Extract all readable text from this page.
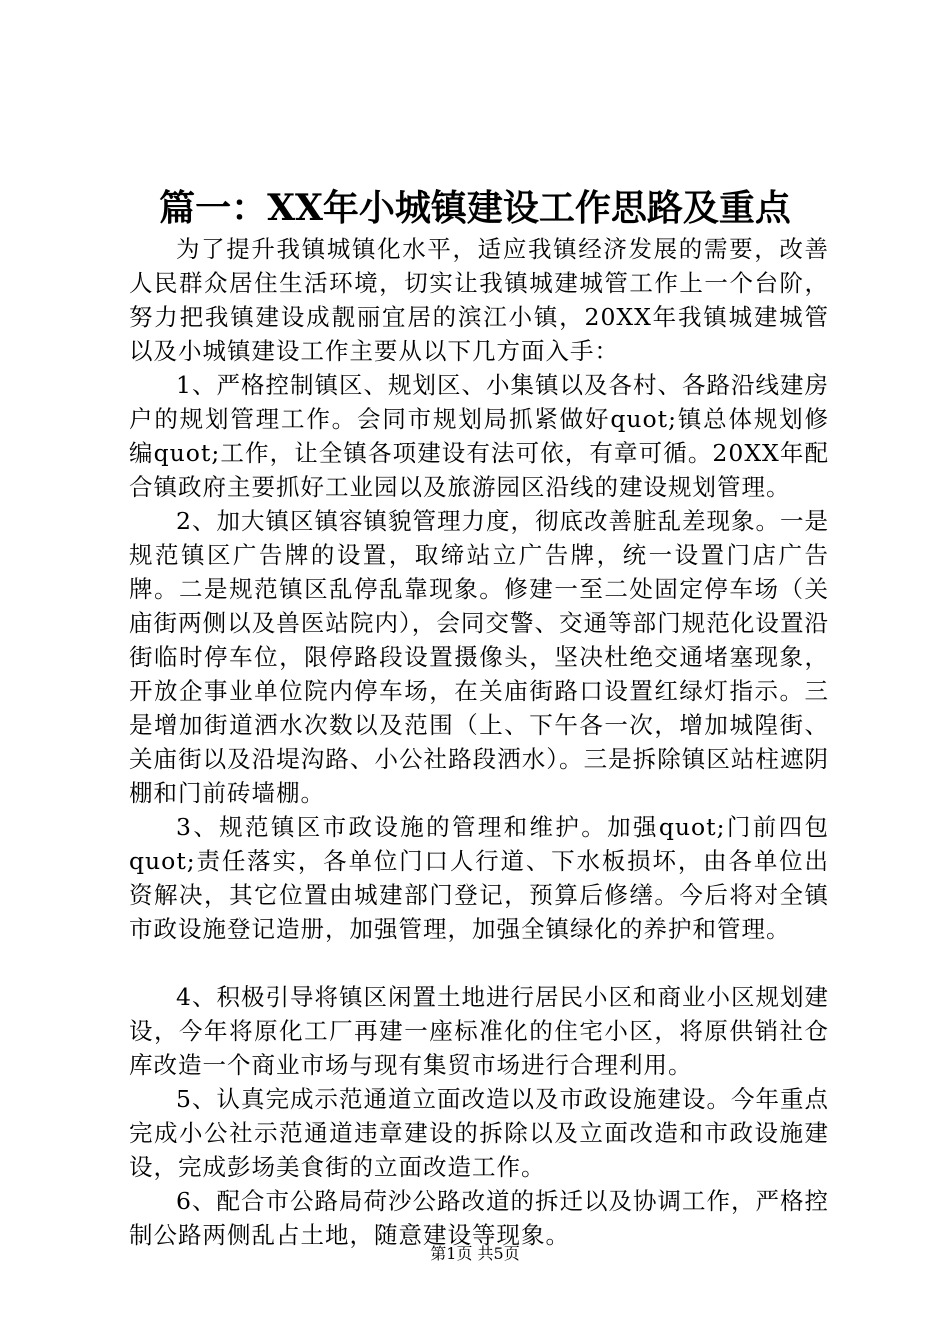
篇一：XX年小城镇建设工作思路及重点

为了提升我镇城镇化水平，适应我镇经济发展的需要，改善人民群众居住生活环境，切实让我镇城建城管工作上一个台阶，努力把我镇建设成靓丽宜居的滨江小镇，20XX年我镇城建城管以及小城镇建设工作主要从以下几方面入手：

1、严格控制镇区、规划区、小集镇以及各村、各路沿线建房户的规划管理工作。会同市规划局抓紧做好quot;镇总体规划修编quot;工作，让全镇各项建设有法可依，有章可循。20XX年配合镇政府主要抓好工业园以及旅游园区沿线的建设规划管理。

2、加大镇区镇容镇貌管理力度，彻底改善脏乱差现象。一是规范镇区广告牌的设置，取缔站立广告牌，统一设置门店广告牌。二是规范镇区乱停乱靠现象。修建一至二处固定停车场（关庙街两侧以及兽医站院内），会同交警、交通等部门规范化设置沿街临时停车位，限停路段设置摄像头，坚决杜绝交通堵塞现象，开放企事业单位院内停车场，在关庙街路口设置红绿灯指示。三是增加街道洒水次数以及范围（上、下午各一次，增加城隍街、关庙街以及沿堤沟路、小公社路段洒水）。三是拆除镇区站柱遮阴棚和门前砖墙棚。

3、规范镇区市政设施的管理和维护。加强quot;门前四包quot;责任落实，各单位门口人行道、下水板损坏，由各单位出资解决，其它位置由城建部门登记，预算后修缮。今后将对全镇市政设施登记造册，加强管理，加强全镇绿化的养护和管理。

4、积极引导将镇区闲置土地进行居民小区和商业小区规划建设，今年将原化工厂再建一座标准化的住宅小区，将原供销社仓库改造一个商业市场与现有集贸市场进行合理利用。

5、认真完成示范通道立面改造以及市政设施建设。今年重点完成小公社示范通道违章建设的拆除以及立面改造和市政设施建设，完成彭场美食街的立面改造工作。

6、配合市公路局荷沙公路改道的拆迁以及协调工作，严格控制公路两侧乱占土地，随意建设等现象。

第1页 共5页
